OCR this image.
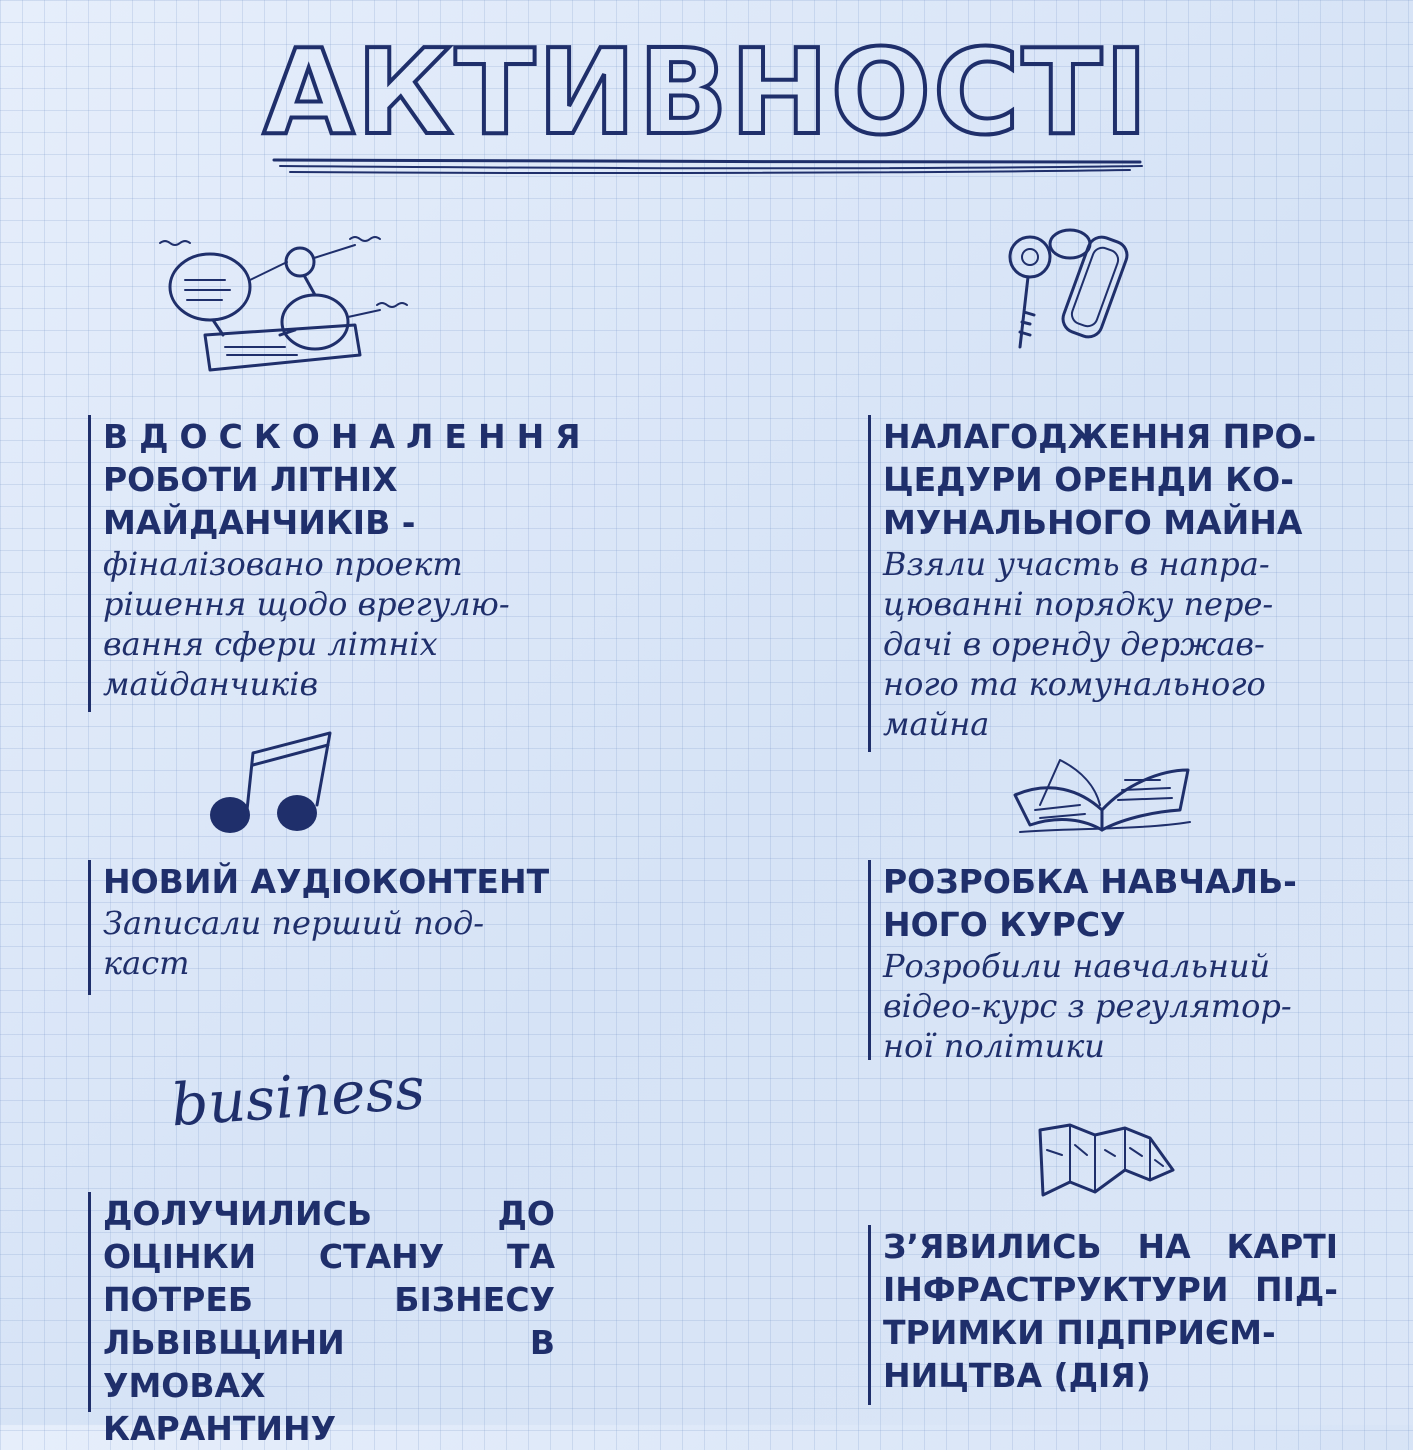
АКТИВНОСТІ
ВДОСКОНАЛЕННЯ
РОБОТИ ЛІТНІХ
МАЙДАНЧИКІВ -
фіналізовано проект
рішення щодо врегулю-
вання сфери літніх
майданчиків
НАЛАГОДЖЕННЯ ПРО-
ЦЕДУРИ ОРЕНДИ КО-
МУНАЛЬНОГО МАЙНА
Взяли участь в напра-
цюванні порядку пере-
дачі в оренду держав-
ного та комунального
майна
НОВИЙ АУДІОКОНТЕНТ
Записали перший под-
каст
РОЗРОБКА НАВЧАЛЬ-
НОГО КУРСУ
Розробили навчальний
відео-курс з регулятор-
ної політики
business
ДОЛУЧИЛИСЬ ДО
ОЦІНКИ СТАНУ ТА
ПОТРЕБ БІЗНЕСУ
ЛЬВІВЩИНИ В УМОВАХ
КАРАНТИНУ
З’ЯВИЛИСЬ НА КАРТІ
ІНФРАСТРУКТУРИ ПІД-
ТРИМКИ ПІДПРИЄМ-
НИЦТВА (ДІЯ)
